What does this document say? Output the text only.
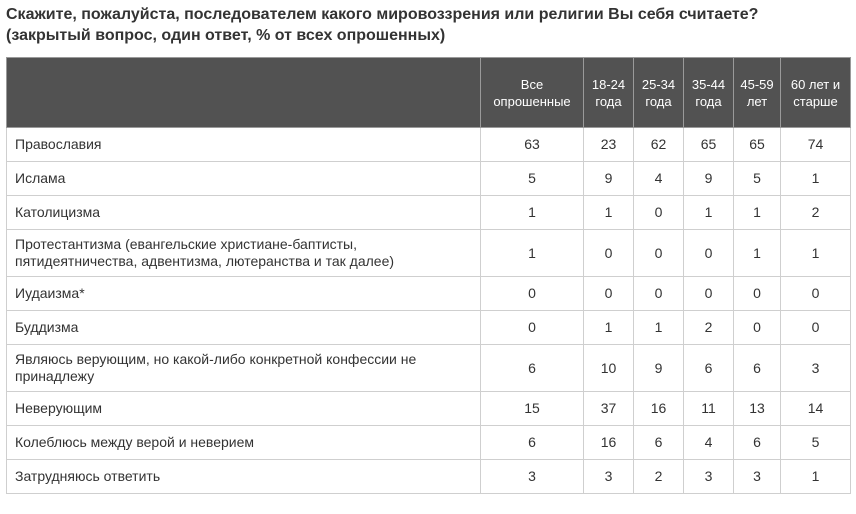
Скажите, пожалуйста, последователем какого мировоззрения или религии Вы себя считаете?
(закрытый вопрос, один ответ, % от всех опрошенных)
	Все опрошенные	18-24 года	25-34 года	35-44 года	45-59 лет	60 лет и старше
Православия	63	23	62	65	65	74
Ислама	5	9	4	9	5	1
Католицизма	1	1	0	1	1	2
Протестантизма (евангельские христиане-баптисты, пятидеятничества, адвентизма, лютеранства и так далее)	1	0	0	0	1	1
Иудаизма*	0	0	0	0	0	0
Буддизма	0	1	1	2	0	0
Являюсь верующим, но какой-либо конкретной конфессии не принадлежу	6	10	9	6	6	3
Неверующим	15	37	16	11	13	14
Колеблюсь между верой и неверием	6	16	6	4	6	5
Затрудняюсь ответить	3	3	2	3	3	1
